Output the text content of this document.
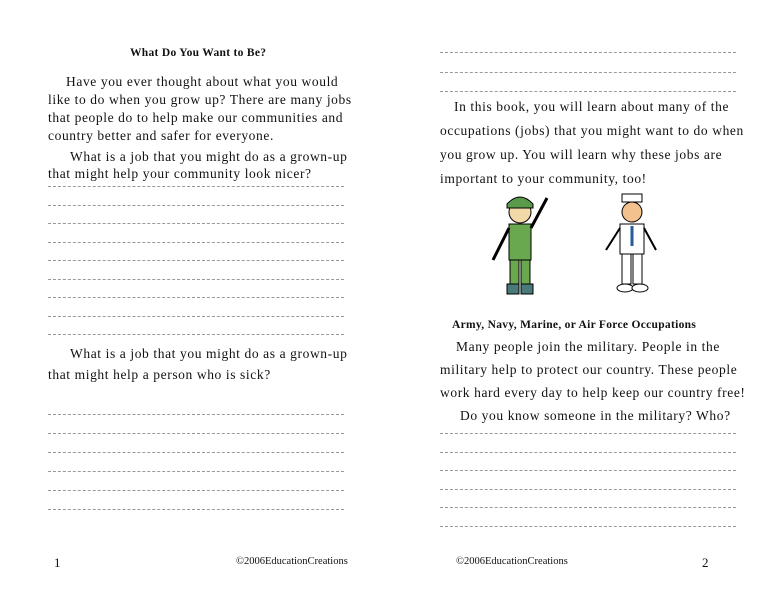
What Do You Want to Be?
Have you ever thought about what you would
like to do when you grow up? There are many jobs
that people do to help make our communities and
country better and safer for everyone.
What is a job that you might do as a grown-up
that might help your community look nicer?
What is a job that you might do as a grown-up
that might help a person who is sick?
1	©2006EducationCreations
In this book, you will learn about many of the
occupations (jobs) that you might want to do when
you grow up. You will learn why these jobs are
important to your community, too!
Army, Navy, Marine, or Air Force Occupations
Many people join the military. People in the
military help to protect our country. These people
work hard every day to help keep our country free!
Do you know someone in the military? Who?
©2006EducationCreations	2
